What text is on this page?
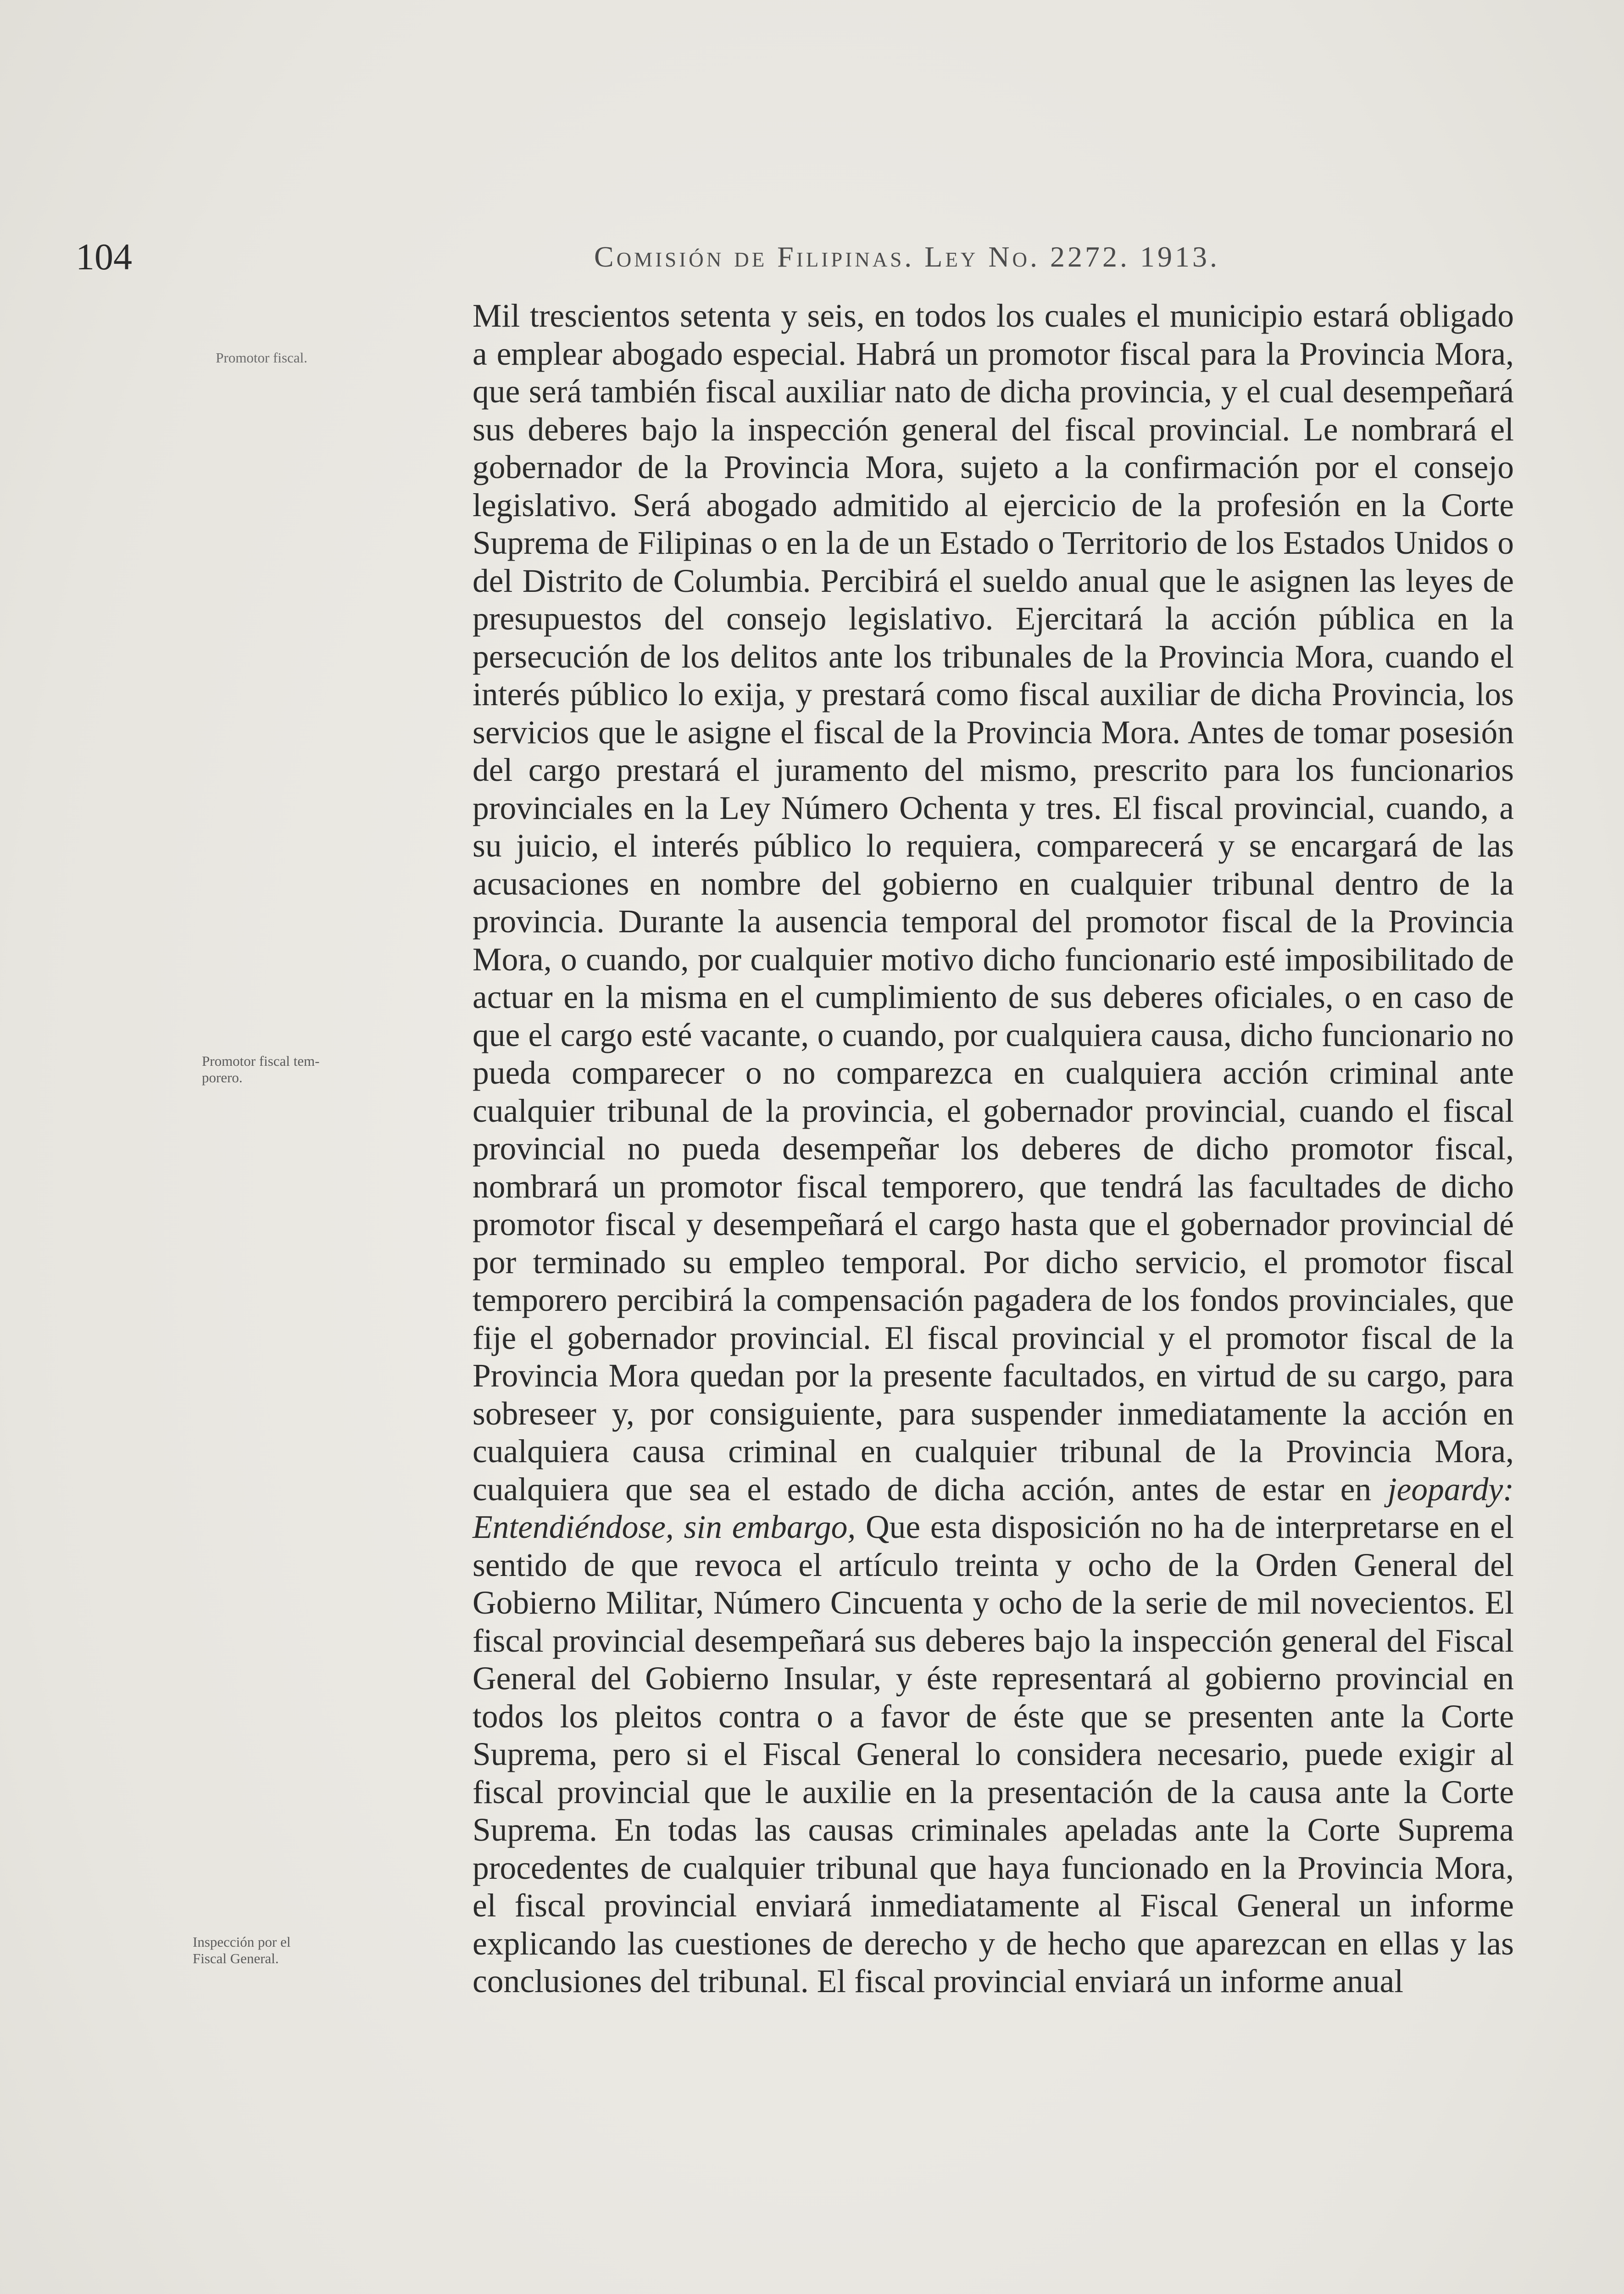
104	Comisión de Filipinas. Ley No. 2272. 1913.
Promotor fiscal.
Promotor fiscal tem-
porero.
Inspección por el
Fiscal General.

Mil trescientos setenta y seis, en todos los cuales el municipio estará obligado a emplear abogado especial. Habrá un promotor fiscal para la Provincia Mora, que será también fiscal auxiliar nato de dicha provincia, y el cual desempeñará sus deberes bajo la inspección general del fiscal provincial. Le nombrará el gobernador de la Provincia Mora, sujeto a la confirmación por el consejo legislativo. Será abogado admitido al ejercicio de la profesión en la Corte Suprema de Filipinas o en la de un Estado o Territorio de los Estados Unidos o del Distrito de Columbia. Percibirá el sueldo anual que le asignen las leyes de presupuestos del consejo legislativo. Ejercitará la acción pública en la persecución de los delitos ante los tribunales de la Provincia Mora, cuando el interés público lo exija, y prestará como fiscal auxiliar de dicha Provincia, los servicios que le asigne el fiscal de la Provincia Mora. Antes de tomar posesión del cargo prestará el juramento del mismo, prescrito para los funcionarios provinciales en la Ley Número Ochenta y tres. El fiscal provincial, cuando, a su juicio, el interés público lo requiera, comparecerá y se encargará de las acusaciones en nombre del gobierno en cualquier tribunal dentro de la provincia. Durante la ausencia temporal del promotor fiscal de la Provincia Mora, o cuando, por cualquier motivo dicho funcionario esté imposibilitado de actuar en la misma en el cumplimiento de sus deberes oficiales, o en caso de que el cargo esté vacante, o cuando, por cualquiera causa, dicho funcionario no pueda comparecer o no comparezca en cualquiera acción criminal ante cualquier tribunal de la provincia, el gobernador provincial, cuando el fiscal provincial no pueda desempeñar los deberes de dicho promotor fiscal, nombrará un promotor fiscal temporero, que tendrá las facultades de dicho promotor fiscal y desempeñará el cargo hasta que el gobernador provincial dé por terminado su empleo temporal. Por dicho servicio, el promotor fiscal temporero percibirá la compensación pagadera de los fondos provinciales, que fije el gobernador provincial. El fiscal provincial y el promotor fiscal de la Provincia Mora quedan por la presente facultados, en virtud de su cargo, para sobreseer y, por consiguiente, para suspender inmediatamente la acción en cualquiera causa criminal en cualquier tribunal de la Provincia Mora, cualquiera que sea el estado de dicha acción, antes de estar en jeopardy: Entendiéndose, sin embargo, Que esta disposición no ha de interpretarse en el sentido de que revoca el artículo treinta y ocho de la Orden General del Gobierno Militar, Número Cincuenta y ocho de la serie de mil novecientos. El fiscal provincial desempeñará sus deberes bajo la inspección general del Fiscal General del Gobierno Insular, y éste representará al gobierno provincial en todos los pleitos contra o a favor de éste que se presenten ante la Corte Suprema, pero si el Fiscal General lo considera necesario, puede exigir al fiscal provincial que le auxilie en la presentación de la causa ante la Corte Suprema. En todas las causas criminales apeladas ante la Corte Suprema procedentes de cualquier tribunal que haya funcionado en la Provincia Mora, el fiscal provincial enviará inmediatamente al Fiscal General un informe explicando las cuestiones de derecho y de hecho que aparezcan en ellas y las conclusiones del tribunal. El fiscal provincial enviará un informe anual
